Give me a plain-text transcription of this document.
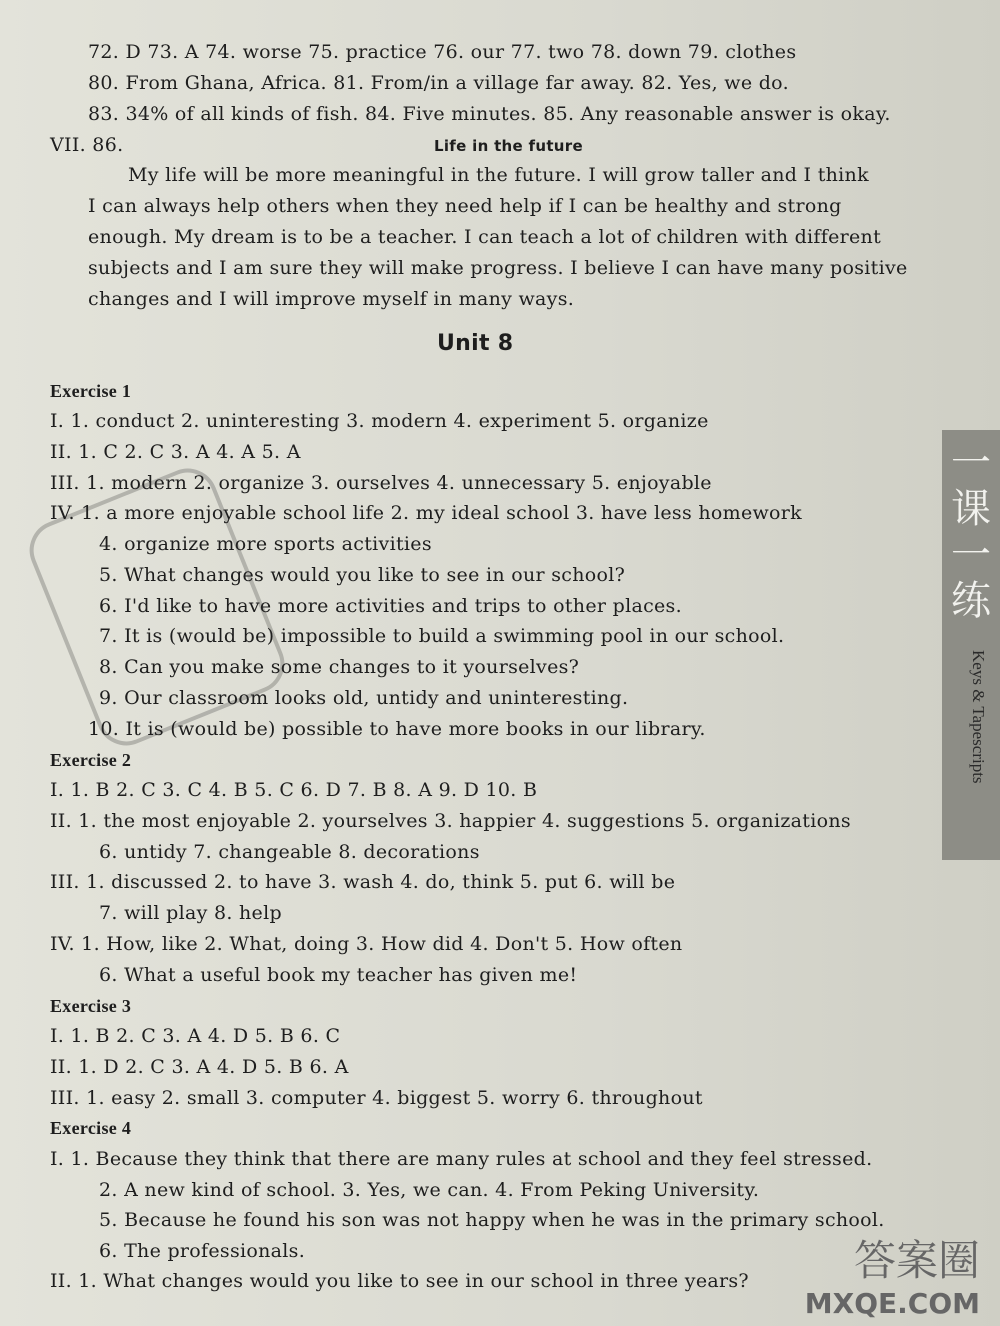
72. D 73. A 74. worse 75. practice 76. our 77. two 78. down 79. clothes
80. From Ghana, Africa. 81. From/in a village far away. 82. Yes, we do.
83. 34% of all kinds of fish. 84. Five minutes. 85. Any reasonable answer is okay.
VII. 86.	Life in the future
My life will be more meaningful in the future. I will grow taller and I think
I can always help others when they need help if I can be healthy and strong
enough. My dream is to be a teacher. I can teach a lot of children with different
subjects and I am sure they will make progress. I believe I can have many positive
changes and I will improve myself in many ways.
Unit 8
Exercise 1
I. 1. conduct 2. uninteresting 3. modern 4. experiment 5. organize
II. 1. C 2. C 3. A 4. A 5. A
III. 1. modern 2. organize 3. ourselves 4. unnecessary 5. enjoyable
IV. 1. a more enjoyable school life 2. my ideal school 3. have less homework
4. organize more sports activities
5. What changes would you like to see in our school?
6. I'd like to have more activities and trips to other places.
7. It is (would be) impossible to build a swimming pool in our school.
8. Can you make some changes to it yourselves?
9. Our classroom looks old, untidy and uninteresting.
10. It is (would be) possible to have more books in our library.
Exercise 2
I. 1. B 2. C 3. C 4. B 5. C 6. D 7. B 8. A 9. D 10. B
II. 1. the most enjoyable 2. yourselves 3. happier 4. suggestions 5. organizations
6. untidy 7. changeable 8. decorations
III. 1. discussed 2. to have 3. wash 4. do, think 5. put 6. will be
7. will play 8. help
IV. 1. How, like 2. What, doing 3. How did 4. Don't 5. How often
6. What a useful book my teacher has given me!
Exercise 3
I. 1. B 2. C 3. A 4. D 5. B 6. C
II. 1. D 2. C 3. A 4. D 5. B 6. A
III. 1. easy 2. small 3. computer 4. biggest 5. worry 6. throughout
Exercise 4
I. 1. Because they think that there are many rules at school and they feel stressed.
2. A new kind of school. 3. Yes, we can. 4. From Peking University.
5. Because he found his son was not happy when he was in the primary school.
6. The professionals.
II. 1. What changes would you like to see in our school in three years?
一课一练
Keys & Tapescripts
答案圈
MXQE.COM
